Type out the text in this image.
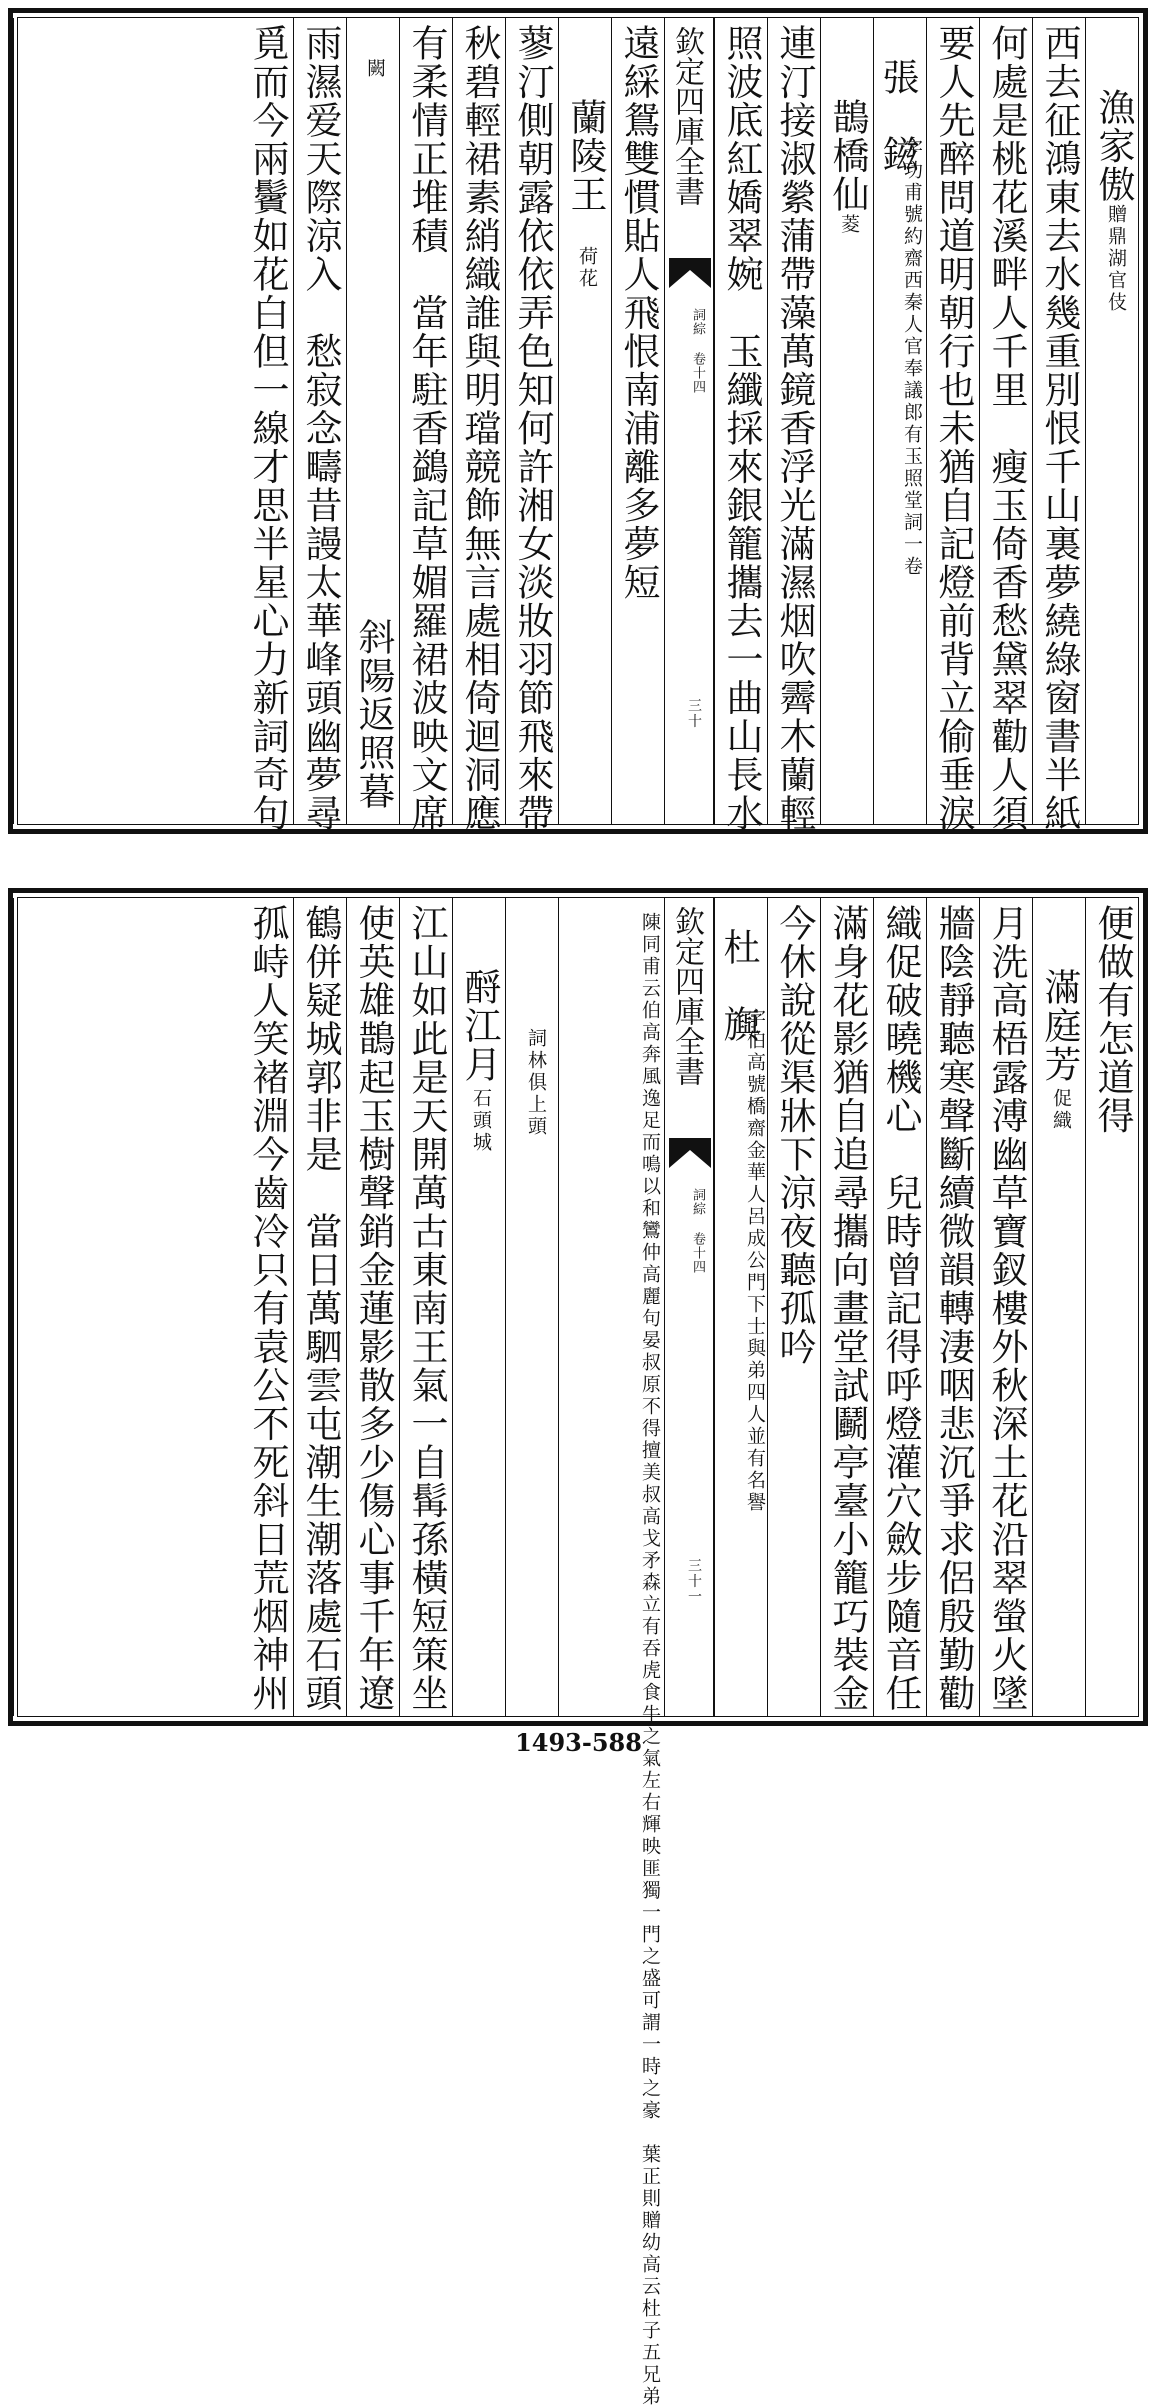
漁家傲
贈鼎湖官伎
西去征鴻東去水幾重別恨千山裏夢繞綠窗書半紙
何處是桃花溪畔人千里　瘦玉倚香愁黛翠勸人須
要人先醉問道明朝行也未猶自記燈前背立偷垂淚
張　鎡
字功甫號約齋西秦人官奉議郎有玉照堂詞一卷
鵲橋仙
菱
連汀接淑縈蒲帶藻萬鏡香浮光滿濕烟吹霽木蘭輕
照波底紅嬌翠婉　玉纖採來銀籠攜去一曲山長水
欽定四庫全書
詞綜 卷十四
三十
遠綵鴛雙慣貼人飛恨南浦離多夢短
蘭陵王
荷花
蓼汀側朝露依依弄色知何許湘女淡妝羽節飛來帶
秋碧輕裙素綃織誰與明璫競飾無言處相倚迴洞應
有柔情正堆積　當年駐香鷁記草媚羅裙波映文席
闕
斜陽返照暮
雨濕爱天際涼入　愁寂念疇昔謾太華峰頭幽夢尋
覓而今兩鬢如花白但一線才思半星心力新詞奇句
便做有怎道得
滿庭芳
促織
月洗高梧露溥幽草寶釵樓外秋深土花沿翠螢火墜
牆陰靜聽寒聲斷續微韻轉淒咽悲沉爭求侶殷勤勸
織促破曉機心　兒時曾記得呼燈灌穴斂步隨音任
滿身花影猶自追尋攜向畫堂試鬬亭臺小籠巧裝金
今休說從渠牀下涼夜聽孤吟
杜　旟
字伯高號橋齋金華人呂成公門下士與弟四人並有名譽
欽定四庫全書
詞綜 卷十四
三十一
陳同甫云伯高奔風逸足而鳴以和鸞仲高麗句晏叔原不得擅美叔高戈矛森立有吞虎食牛之氣左右輝映匪獨一門之盛可謂一時之豪　葉正則贈幼高云杜子五兄弟
詞林俱上頭
酹江月
石頭城
江山如此是天開萬古東南王氣一自髯孫橫短策坐
使英雄鵲起玉樹聲銷金蓮影散多少傷心事千年遼
鶴併疑城郭非是　當日萬駟雲屯潮生潮落處石頭
孤峙人笑褚淵今齒冷只有袁公不死斜日荒烟神州
1493-588
